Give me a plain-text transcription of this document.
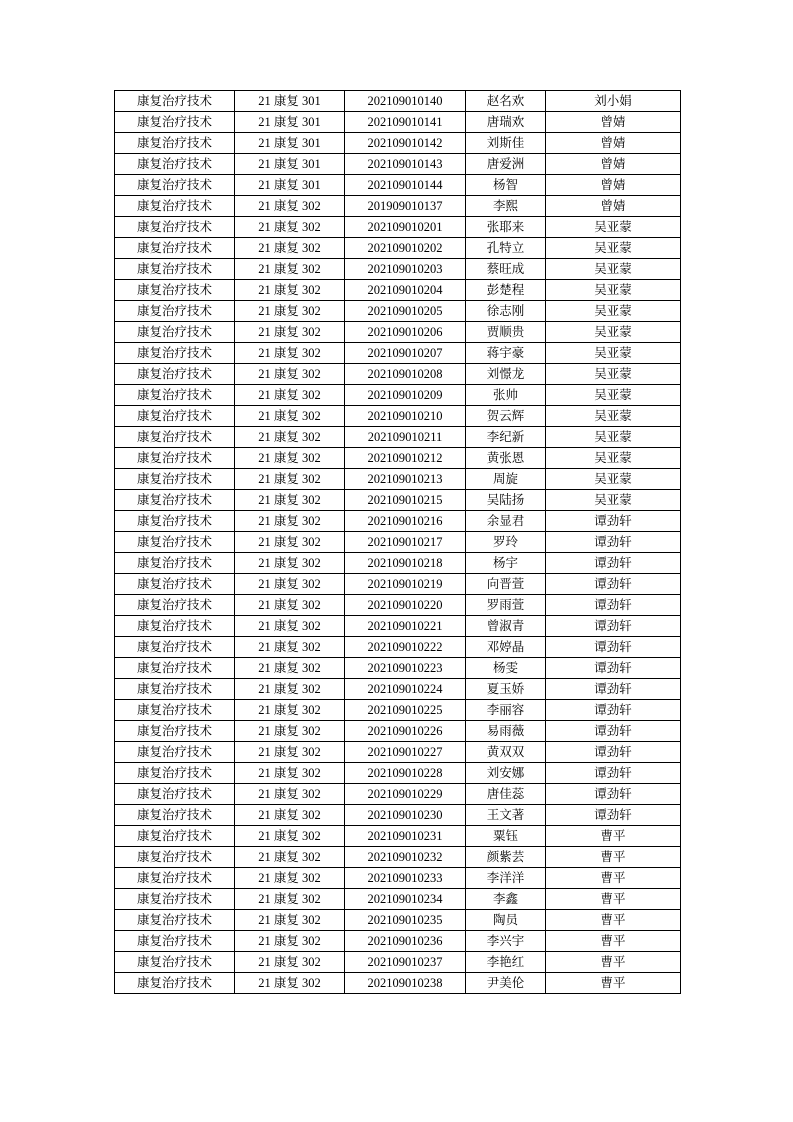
康复治疗技术	21 康复 301	202109010140	赵名欢	刘小娟
康复治疗技术	21 康复 301	202109010141	唐瑞欢	曾婧
康复治疗技术	21 康复 301	202109010142	刘斯佳	曾婧
康复治疗技术	21 康复 301	202109010143	唐爱洲	曾婧
康复治疗技术	21 康复 301	202109010144	杨智	曾婧
康复治疗技术	21 康复 302	201909010137	李熙	曾婧
康复治疗技术	21 康复 302	202109010201	张耶来	吴亚蒙
康复治疗技术	21 康复 302	202109010202	孔特立	吴亚蒙
康复治疗技术	21 康复 302	202109010203	蔡旺成	吴亚蒙
康复治疗技术	21 康复 302	202109010204	彭楚程	吴亚蒙
康复治疗技术	21 康复 302	202109010205	徐志刚	吴亚蒙
康复治疗技术	21 康复 302	202109010206	贾顺贵	吴亚蒙
康复治疗技术	21 康复 302	202109010207	蒋宇豪	吴亚蒙
康复治疗技术	21 康复 302	202109010208	刘憬龙	吴亚蒙
康复治疗技术	21 康复 302	202109010209	张帅	吴亚蒙
康复治疗技术	21 康复 302	202109010210	贺云辉	吴亚蒙
康复治疗技术	21 康复 302	202109010211	李纪新	吴亚蒙
康复治疗技术	21 康复 302	202109010212	黄张恩	吴亚蒙
康复治疗技术	21 康复 302	202109010213	周旋	吴亚蒙
康复治疗技术	21 康复 302	202109010215	吴陆扬	吴亚蒙
康复治疗技术	21 康复 302	202109010216	余显君	谭劲轩
康复治疗技术	21 康复 302	202109010217	罗玲	谭劲轩
康复治疗技术	21 康复 302	202109010218	杨宇	谭劲轩
康复治疗技术	21 康复 302	202109010219	向晋萱	谭劲轩
康复治疗技术	21 康复 302	202109010220	罗雨萱	谭劲轩
康复治疗技术	21 康复 302	202109010221	曾淑青	谭劲轩
康复治疗技术	21 康复 302	202109010222	邓婷晶	谭劲轩
康复治疗技术	21 康复 302	202109010223	杨雯	谭劲轩
康复治疗技术	21 康复 302	202109010224	夏玉娇	谭劲轩
康复治疗技术	21 康复 302	202109010225	李丽容	谭劲轩
康复治疗技术	21 康复 302	202109010226	易雨薇	谭劲轩
康复治疗技术	21 康复 302	202109010227	黄双双	谭劲轩
康复治疗技术	21 康复 302	202109010228	刘安娜	谭劲轩
康复治疗技术	21 康复 302	202109010229	唐佳蕊	谭劲轩
康复治疗技术	21 康复 302	202109010230	王文著	谭劲轩
康复治疗技术	21 康复 302	202109010231	粟钰	曹平
康复治疗技术	21 康复 302	202109010232	颜紫芸	曹平
康复治疗技术	21 康复 302	202109010233	李洋洋	曹平
康复治疗技术	21 康复 302	202109010234	李鑫	曹平
康复治疗技术	21 康复 302	202109010235	陶员	曹平
康复治疗技术	21 康复 302	202109010236	李兴宇	曹平
康复治疗技术	21 康复 302	202109010237	李艳红	曹平
康复治疗技术	21 康复 302	202109010238	尹美伦	曹平
